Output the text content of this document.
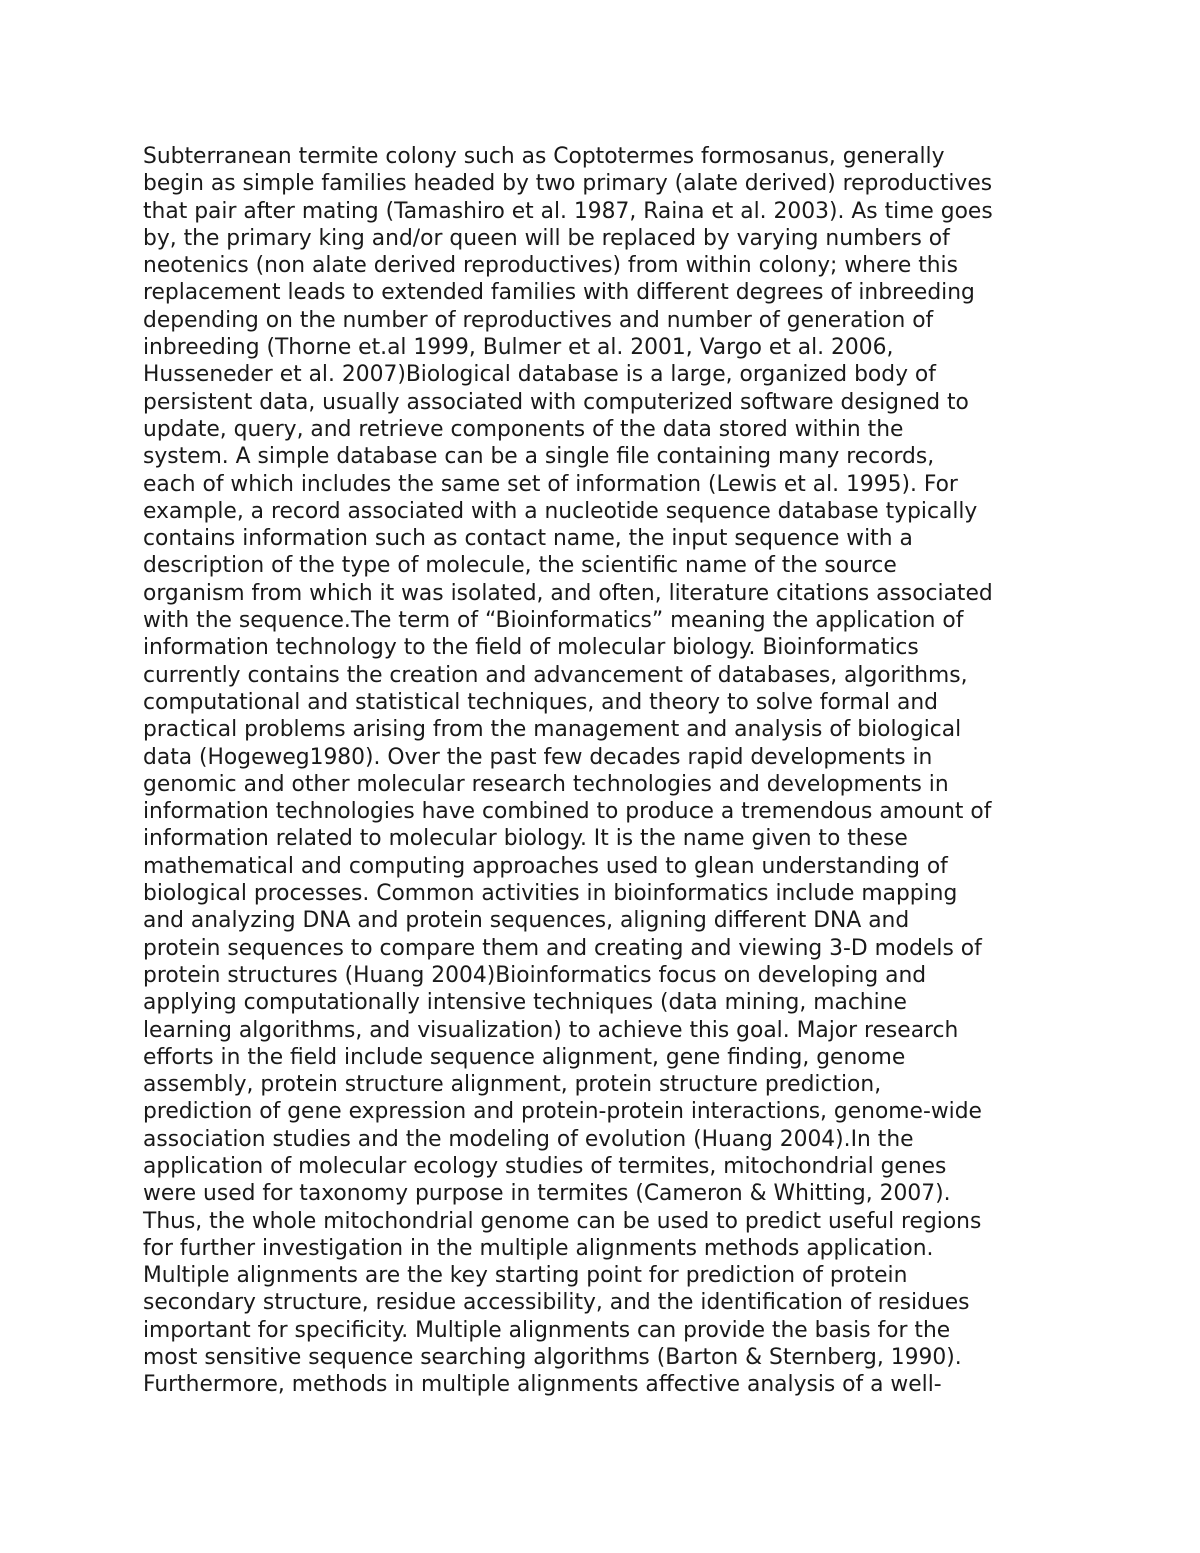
Subterranean termite colony such as Coptotermes formosanus, generally
begin as simple families headed by two primary (alate derived) reproductives
that pair after mating (Tamashiro et al. 1987, Raina et al. 2003). As time goes
by, the primary king and/or queen will be replaced by varying numbers of
neotenics (non alate derived reproductives) from within colony; where this
replacement leads to extended families with different degrees of inbreeding
depending on the number of reproductives and number of generation of
inbreeding (Thorne et.al 1999, Bulmer et al. 2001, Vargo et al. 2006,
Husseneder et al. 2007)Biological database is a large, organized body of
persistent data, usually associated with computerized software designed to
update, query, and retrieve components of the data stored within the
system. A simple database can be a single file containing many records,
each of which includes the same set of information (Lewis et al. 1995). For
example, a record associated with a nucleotide sequence database typically
contains information such as contact name, the input sequence with a
description of the type of molecule, the scientific name of the source
organism from which it was isolated, and often, literature citations associated
with the sequence.The term of “Bioinformatics” meaning the application of
information technology to the field of molecular biology. Bioinformatics
currently contains the creation and advancement of databases, algorithms,
computational and statistical techniques, and theory to solve formal and
practical problems arising from the management and analysis of biological
data (Hogeweg1980). Over the past few decades rapid developments in
genomic and other molecular research technologies and developments in
information technologies have combined to produce a tremendous amount of
information related to molecular biology. It is the name given to these
mathematical and computing approaches used to glean understanding of
biological processes. Common activities in bioinformatics include mapping
and analyzing DNA and protein sequences, aligning different DNA and
protein sequences to compare them and creating and viewing 3-D models of
protein structures (Huang 2004)Bioinformatics focus on developing and
applying computationally intensive techniques (data mining, machine
learning algorithms, and visualization) to achieve this goal. Major research
efforts in the field include sequence alignment, gene finding, genome
assembly, protein structure alignment, protein structure prediction,
prediction of gene expression and protein-protein interactions, genome-wide
association studies and the modeling of evolution (Huang 2004).In the
application of molecular ecology studies of termites, mitochondrial genes
were used for taxonomy purpose in termites (Cameron & Whitting, 2007).
Thus, the whole mitochondrial genome can be used to predict useful regions
for further investigation in the multiple alignments methods application.
Multiple alignments are the key starting point for prediction of protein
secondary structure, residue accessibility, and the identification of residues
important for specificity. Multiple alignments can provide the basis for the
most sensitive sequence searching algorithms (Barton & Sternberg, 1990).
Furthermore, methods in multiple alignments affective analysis of a well-
